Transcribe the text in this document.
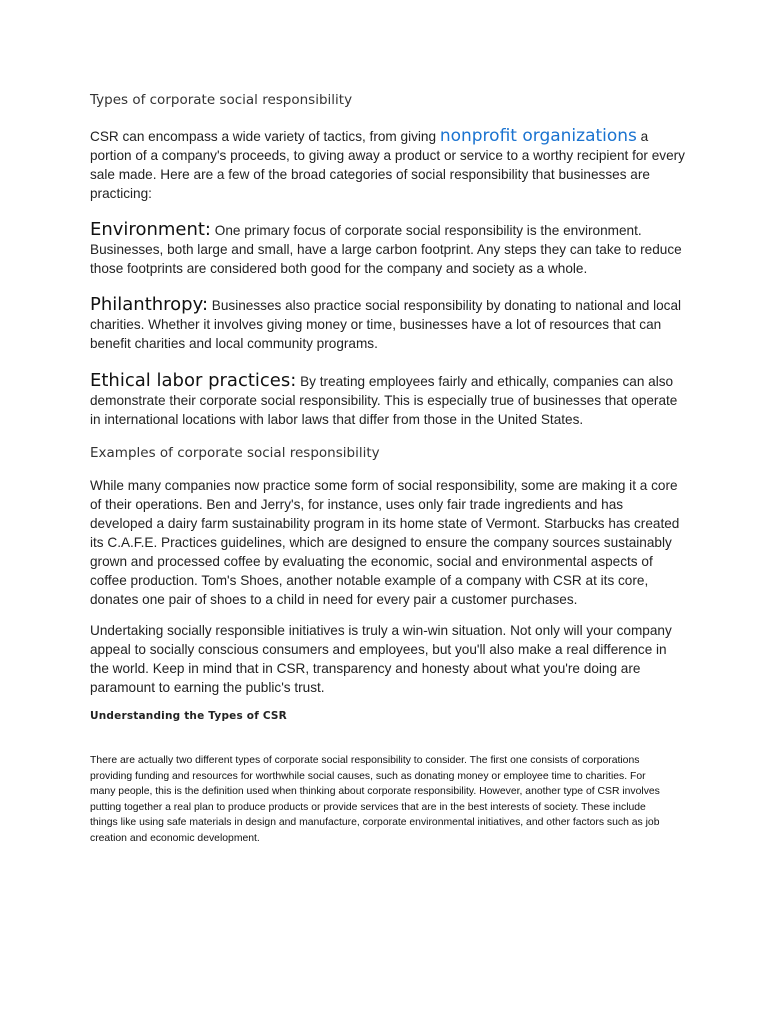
Types of corporate social responsibility
CSR can encompass a wide variety of tactics, from giving nonprofit organizations a portion of a company's proceeds, to giving away a product or service to a worthy recipient for every sale made. Here are a few of the broad categories of social responsibility that businesses are practicing:
Environment: One primary focus of corporate social responsibility is the environment. Businesses, both large and small, have a large carbon footprint. Any steps they can take to reduce those footprints are considered both good for the company and society as a whole.
Philanthropy: Businesses also practice social responsibility by donating to national and local charities. Whether it involves giving money or time, businesses have a lot of resources that can benefit charities and local community programs.
Ethical labor practices: By treating employees fairly and ethically, companies can also demonstrate their corporate social responsibility. This is especially true of businesses that operate in international locations with labor laws that differ from those in the United States.
Examples of corporate social responsibility
While many companies now practice some form of social responsibility, some are making it a core of their operations. Ben and Jerry's, for instance, uses only fair trade ingredients and has developed a dairy farm sustainability program in its home state of Vermont. Starbucks has created its C.A.F.E. Practices guidelines, which are designed to ensure the company sources sustainably grown and processed coffee by evaluating the economic, social and environmental aspects of coffee production. Tom's Shoes, another notable example of a company with CSR at its core, donates one pair of shoes to a child in need for every pair a customer purchases.
Undertaking socially responsible initiatives is truly a win-win situation. Not only will your company appeal to socially conscious consumers and employees, but you'll also make a real difference in the world. Keep in mind that in CSR, transparency and honesty about what you're doing are paramount to earning the public's trust.
Understanding the Types of CSR
There are actually two different types of corporate social responsibility to consider. The first one consists of corporations providing funding and resources for worthwhile social causes, such as donating money or employee time to charities. For many people, this is the definition used when thinking about corporate responsibility. However, another type of CSR involves putting together a real plan to produce products or provide services that are in the best interests of society. These include things like using safe materials in design and manufacture, corporate environmental initiatives, and other factors such as job creation and economic development.
